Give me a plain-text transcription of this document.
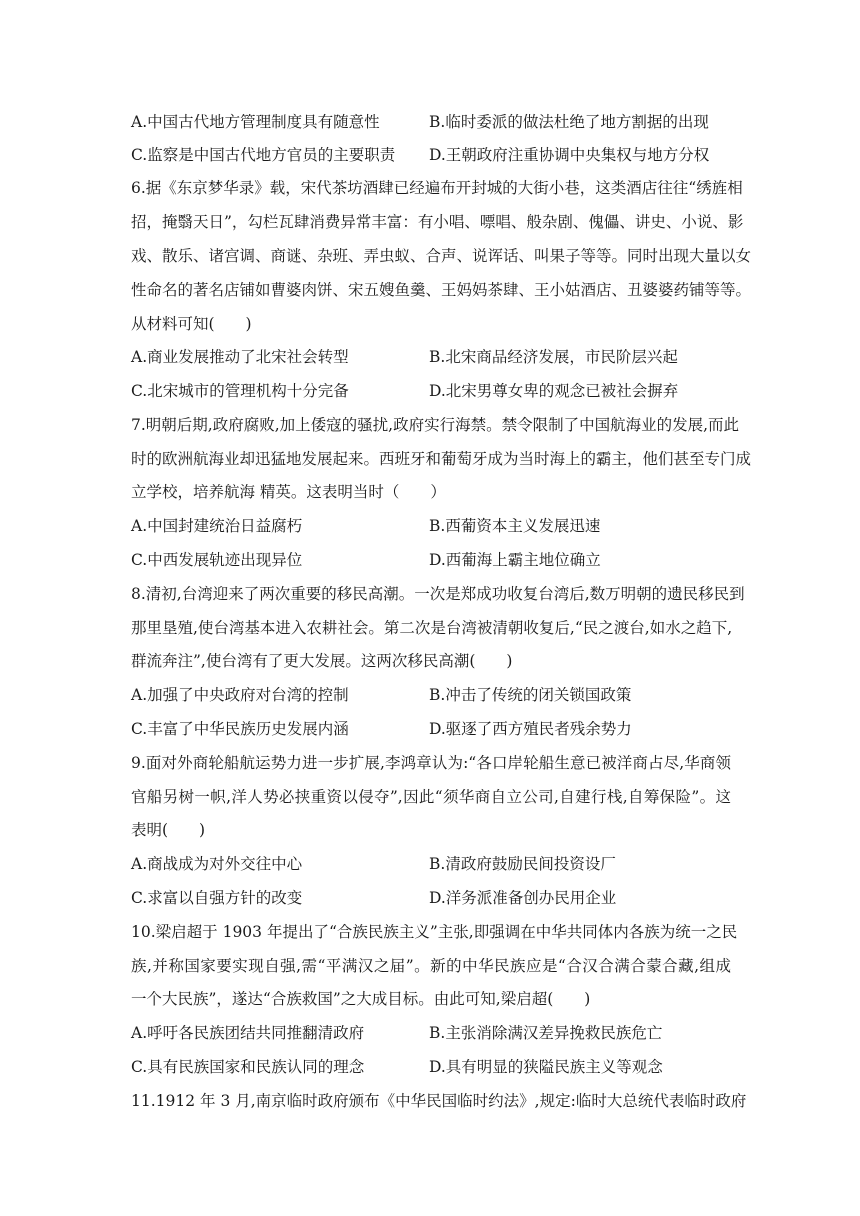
A.中国古代地方管理制度具有随意性	B.临时委派的做法杜绝了地方割据的出现
C.监察是中国古代地方官员的主要职责 D.王朝政府注重协调中央集权与地方分权
6.据《东京梦华录》载，宋代茶坊酒肆已经遍布开封城的大街小巷，这类酒店往往“绣旌相
招，掩翳天日”，勾栏瓦肆消费异常丰富：有小唱、嘌唱、般杂剧、傀儡、讲史、小说、影
戏、散乐、诸宫调、商谜、杂班、弄虫蚁、合声、说诨话、叫果子等等。同时出现大量以女
性命名的著名店铺如曹婆肉饼、宋五嫂鱼羹、王妈妈茶肆、王小姑酒店、丑婆婆药铺等等。
从材料可知(　　)
A.商业发展推动了北宋社会转型	B.北宋商品经济发展，市民阶层兴起
C.北宋城市的管理机构十分完备	D.北宋男尊女卑的观念已被社会摒弃
7.明朝后期,政府腐败,加上倭寇的骚扰,政府实行海禁。禁令限制了中国航海业的发展,而此
时的欧洲航海业却迅猛地发展起来。西班牙和葡萄牙成为当时海上的霸主，他们甚至专门成
立学校，培养航海 精英。这表明当时（　　）
A.中国封建统治日益腐朽	B.西葡资本主义发展迅速
C.中西发展轨迹出现异位	D.西葡海上霸主地位确立
8.清初,台湾迎来了两次重要的移民高潮。一次是郑成功收复台湾后,数万明朝的遗民移民到
那里垦殖,使台湾基本进入农耕社会。第二次是台湾被清朝收复后,“民之渡台,如水之趋下,
群流奔注”,使台湾有了更大发展。这两次移民高潮(　　)
A.加强了中央政府对台湾的控制	B.冲击了传统的闭关锁国政策
C.丰富了中华民族历史发展内涵	D.驱逐了西方殖民者残余势力
9.面对外商轮船航运势力进一步扩展,李鸿章认为:“各口岸轮船生意已被洋商占尽,华商领
官船另树一帜,洋人势必挟重资以侵夺”,因此“须华商自立公司,自建行栈,自筹保险”。这
表明(　　)
A.商战成为对外交往中心	B.清政府鼓励民间投资设厂
C.求富以自强方针的改变	D.洋务派准备创办民用企业
10.梁启超于 1903 年提出了“合族民族主义”主张,即强调在中华共同体内各族为统一之民
族,并称国家要实现自强,需“平满汉之届”。新的中华民族应是“合汉合满合蒙合藏,组成
一个大民族”，遂达“合族救国”之大成目标。由此可知,梁启超(　　)
A.呼吁各民族团结共同推翻清政府	B.主张消除满汉差异挽救民族危亡
C.具有民族国家和民族认同的理念	D.具有明显的狭隘民族主义等观念
11.1912 年 3 月,南京临时政府颁布《中华民国临时约法》,规定:临时大总统代表临时政府
